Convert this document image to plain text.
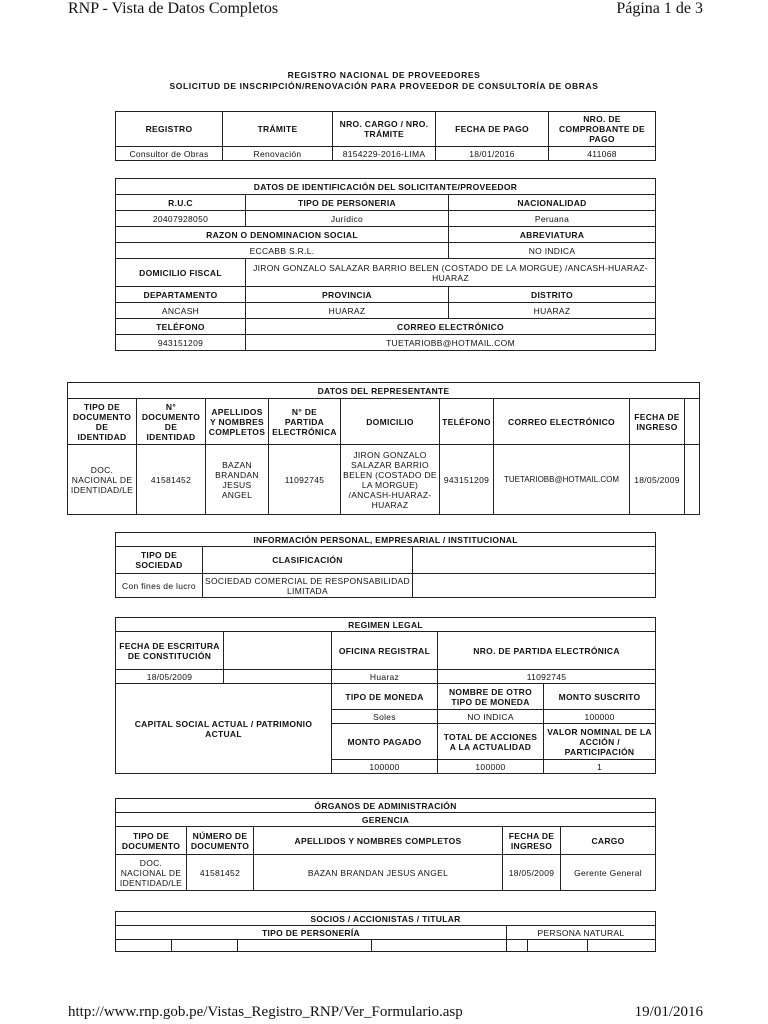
RNP - Vista de Datos Completos	Página 1 de 3
REGISTRO NACIONAL DE PROVEEDORES
SOLICITUD DE INSCRIPCIÓN/RENOVACIÓN PARA PROVEEDOR DE CONSULTORÍA DE OBRAS
REGISTRO	TRÁMITE	NRO. CARGO / NRO. TRÁMITE	FECHA DE PAGO	NRO. DE COMPROBANTE DE PAGO
Consultor de Obras	Renovación	8154229-2016-LIMA	18/01/2016	411068
DATOS DE IDENTIFICACIÓN DEL SOLICITANTE/PROVEEDOR		
R.U.C	TIPO DE PERSONERIA	NACIONALIDAD
20407928050	Jurídico	Peruana
RAZON O DENOMINACION SOCIAL		ABREVIATURA
ECCABB S.R.L.		NO INDICA
DOMICILIO FISCAL	JIRON GONZALO SALAZAR BARRIO BELEN (COSTADO DE LA MORGUE) /ANCASH-HUARAZ-HUARAZ	
DEPARTAMENTO	PROVINCIA	DISTRITO
ANCASH	HUARAZ	HUARAZ
TELÉFONO	CORREO ELECTRÓNICO	
943151209	TUETARIOBB@HOTMAIL.COM	
DATOS DEL REPRESENTANTE								
TIPO DE DOCUMENTO DE IDENTIDAD	N° DOCUMENTO DE IDENTIDAD	APELLIDOS Y NOMBRES COMPLETOS	N° DE PARTIDA ELECTRÓNICA	DOMICILIO	TELÉFONO	CORREO ELECTRÓNICO	FECHA DE INGRESO	
DOC. NACIONAL DE IDENTIDAD/LE	41581452	BAZAN BRANDAN JESUS ANGEL	11092745	JIRON GONZALO SALAZAR BARRIO BELEN (COSTADO DE LA MORGUE) /ANCASH-HUARAZ-HUARAZ	943151209	TUETARIOBB@HOTMAIL.COM	18/05/2009	
INFORMACIÓN PERSONAL, EMPRESARIAL / INSTITUCIONAL		
TIPO DE SOCIEDAD	CLASIFICACIÓN	
Con fines de lucro	SOCIEDAD COMERCIAL DE RESPONSABILIDAD LIMITADA	
REGIMEN LEGAL				
FECHA DE ESCRITURA DE CONSTITUCIÓN		OFICINA REGISTRAL	NRO. DE PARTIDA ELECTRÓNICA	
18/05/2009		Huaraz	11092745	
CAPITAL SOCIAL ACTUAL / PATRIMONIO ACTUAL		TIPO DE MONEDA	NOMBRE DE OTRO TIPO DE MONEDA	MONTO SUSCRITO
		Soles	NO INDICA	100000
		MONTO PAGADO	TOTAL DE ACCIONES A LA ACTUALIDAD	VALOR NOMINAL DE LA ACCIÓN / PARTICIPACIÓN
		100000	100000	1
ÓRGANOS DE ADMINISTRACIÓN				
GERENCIA				
TIPO DE DOCUMENTO	NÚMERO DE DOCUMENTO	APELLIDOS Y NOMBRES COMPLETOS	FECHA DE INGRESO	CARGO
DOC. NACIONAL DE IDENTIDAD/LE	41581452	BAZAN BRANDAN JESUS ANGEL	18/05/2009	Gerente General
SOCIOS / ACCIONISTAS / TITULAR						
TIPO DE PERSONERÍA				PERSONA NATURAL		

http://www.rnp.gob.pe/Vistas_Registro_RNP/Ver_Formulario.asp	19/01/2016
